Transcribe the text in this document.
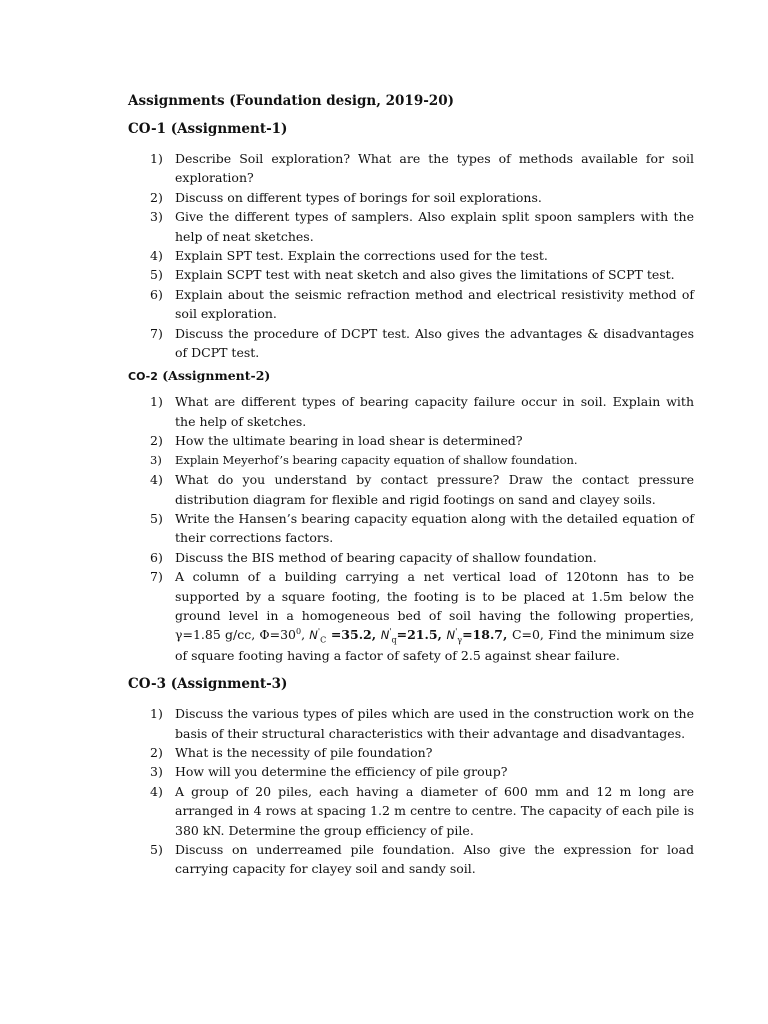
Assignments (Foundation design, 2019-20)
CO-1 (Assignment-1)
1) Describe Soil exploration? What are the types of methods available for soil exploration?
2) Discuss on different types of borings for soil explorations.
3) Give the different types of samplers. Also explain split spoon samplers with the help of neat sketches.
4) Explain SPT test. Explain the corrections used for the test.
5) Explain SCPT test with neat sketch and also gives the limitations of SCPT test.
6) Explain about the seismic refraction method and electrical resistivity method of soil exploration.
7) Discuss the procedure of DCPT test. Also gives the advantages & disadvantages of DCPT test.
CO-2 (Assignment-2)
1) What are different types of bearing capacity failure occur in soil. Explain with the help of sketches.
2) How the ultimate bearing in load shear is determined?
3)	Explain Meyerhof’s bearing capacity equation of shallow foundation.
4) What do you understand by contact pressure? Draw the contact pressure distribution diagram for flexible and rigid footings on sand and clayey soils.
5) Write the Hansen’s bearing capacity equation along with the detailed equation of their corrections factors.
6) Discuss the BIS method of bearing capacity of shallow foundation.
7) A column of a building carrying a net vertical load of 120tonn has to be supported by a square footing, the footing is to be placed at 1.5m below the ground level in a homogeneous bed of soil having the following properties, γ=1.85 g/cc, $\Phi=30^0$, $N'_C =35.2$, $N'_q=21.5$, $N'_\gamma=18.7$, C=0, Find the minimum size of square footing having a factor of safety of 2.5 against shear failure.
CO-3 (Assignment-3)
1) Discuss the various types of piles which are used in the construction work on the basis of their structural characteristics with their advantage and disadvantages.
2) What is the necessity of pile foundation?
3) How will you determine the efficiency of pile group?
4) A group of 20 piles, each having a diameter of 600 mm and 12 m long are arranged in 4 rows at spacing 1.2 m centre to centre. The capacity of each pile is 380 kN. Determine the group efficiency of pile.
5) Discuss on underreamed pile foundation. Also give the expression for load carrying capacity for clayey soil and sandy soil.
